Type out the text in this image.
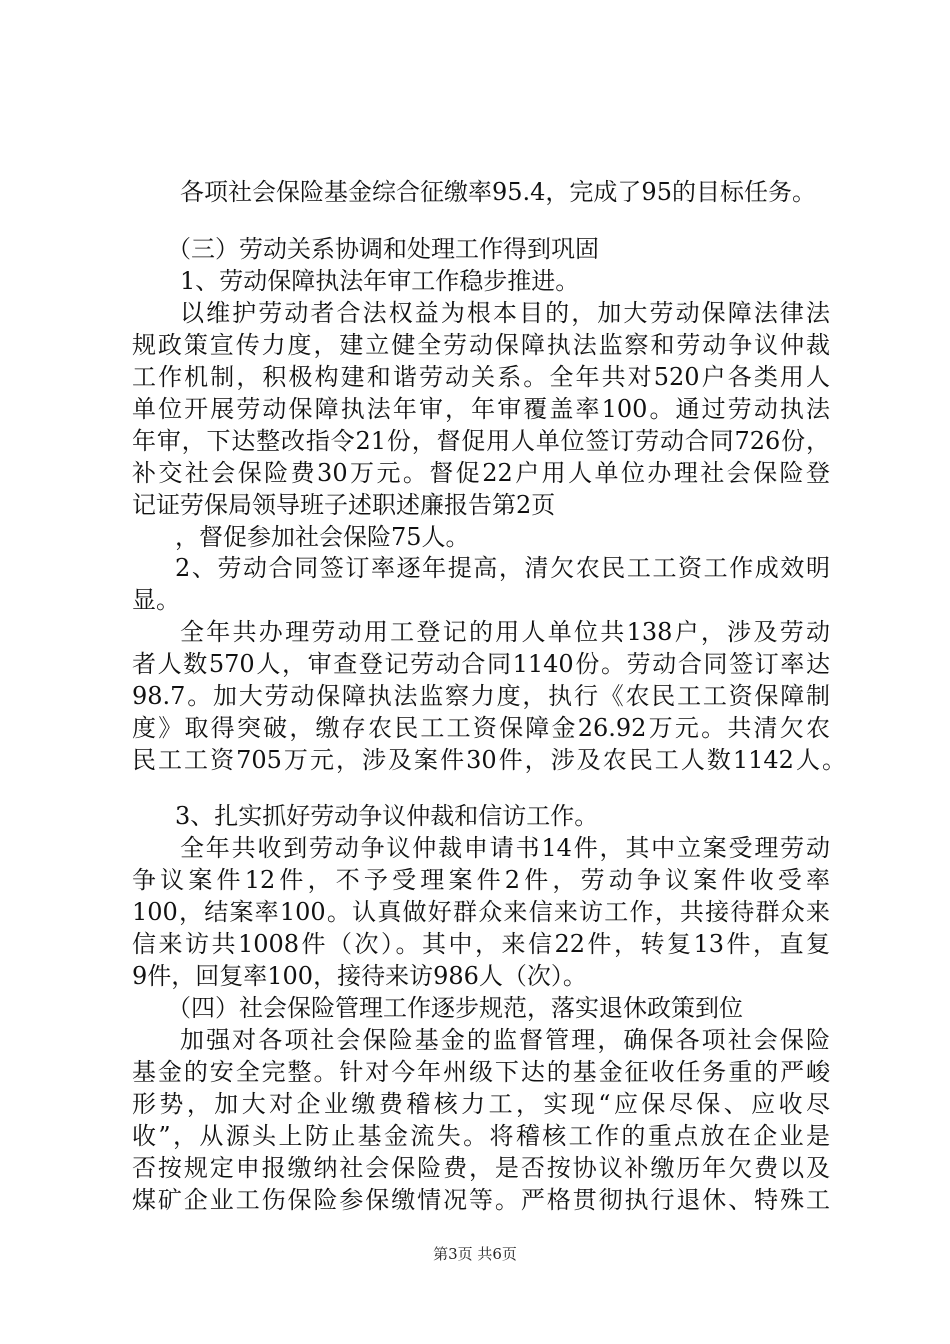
各项社会保险基金综合征缴率95.4，完成了95的目标任务。
（三）劳动关系协调和处理工作得到巩固
1、劳动保障执法年审工作稳步推进。
以维护劳动者合法权益为根本目的，加大劳动保障法律法
规政策宣传力度，建立健全劳动保障执法监察和劳动争议仲裁
工作机制，积极构建和谐劳动关系。全年共对520户各类用人
单位开展劳动保障执法年审，年审覆盖率100。通过劳动执法
年审，下达整改指令21份，督促用人单位签订劳动合同726份，
补交社会保险费30万元。督促22户用人单位办理社会保险登
记证劳保局领导班子述职述廉报告第2页
，督促参加社会保险75人。
2、劳动合同签订率逐年提高，清欠农民工工资工作成效明
显。
全年共办理劳动用工登记的用人单位共138户，涉及劳动
者人数570人，审查登记劳动合同1140份。劳动合同签订率达
98.7。加大劳动保障执法监察力度，执行《农民工工资保障制
度》取得突破，缴存农民工工资保障金26.92万元。共清欠农
民工工资705万元，涉及案件30件，涉及农民工人数1142人。
3、扎实抓好劳动争议仲裁和信访工作。
全年共收到劳动争议仲裁申请书14件，其中立案受理劳动
争议案件12件，不予受理案件2件，劳动争议案件收受率
100，结案率100。认真做好群众来信来访工作，共接待群众来
信来访共1008件（次）。其中，来信22件，转复13件，直复
9件，回复率100，接待来访986人（次）。
（四）社会保险管理工作逐步规范，落实退休政策到位
加强对各项社会保险基金的监督管理，确保各项社会保险
基金的安全完整。针对今年州级下达的基金征收任务重的严峻
形势，加大对企业缴费稽核力工，实现“应保尽保、应收尽
收”，从源头上防止基金流失。将稽核工作的重点放在企业是
否按规定申报缴纳社会保险费，是否按协议补缴历年欠费以及
煤矿企业工伤保险参保缴情况等。严格贯彻执行退休、特殊工
第3页 共6页
